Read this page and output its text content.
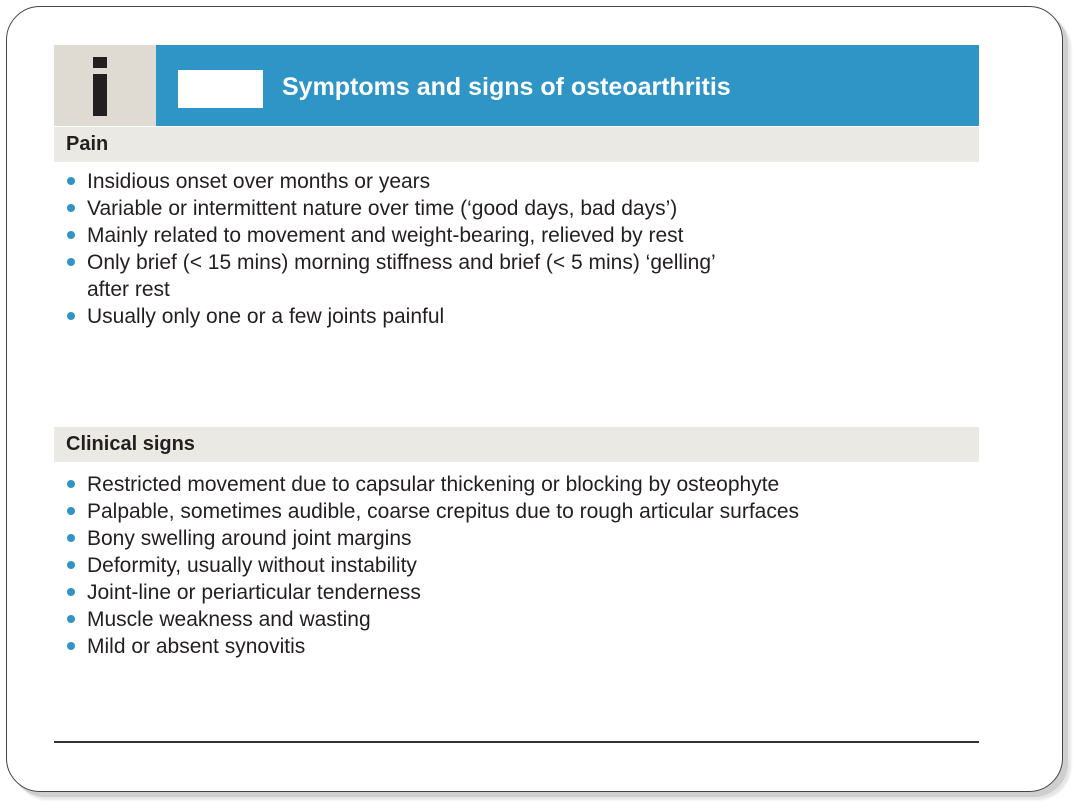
Symptoms and signs of osteoarthritis
Pain
Insidious onset over months or years
Variable or intermittent nature over time (‘good days, bad days’)
Mainly related to movement and weight-bearing, relieved by rest
Only brief (< 15 mins) morning stiffness and brief (< 5 mins) ‘gelling’ after rest
Usually only one or a few joints painful
Clinical signs
Restricted movement due to capsular thickening or blocking by osteophyte
Palpable, sometimes audible, coarse crepitus due to rough articular surfaces
Bony swelling around joint margins
Deformity, usually without instability
Joint-line or periarticular tenderness
Muscle weakness and wasting
Mild or absent synovitis
